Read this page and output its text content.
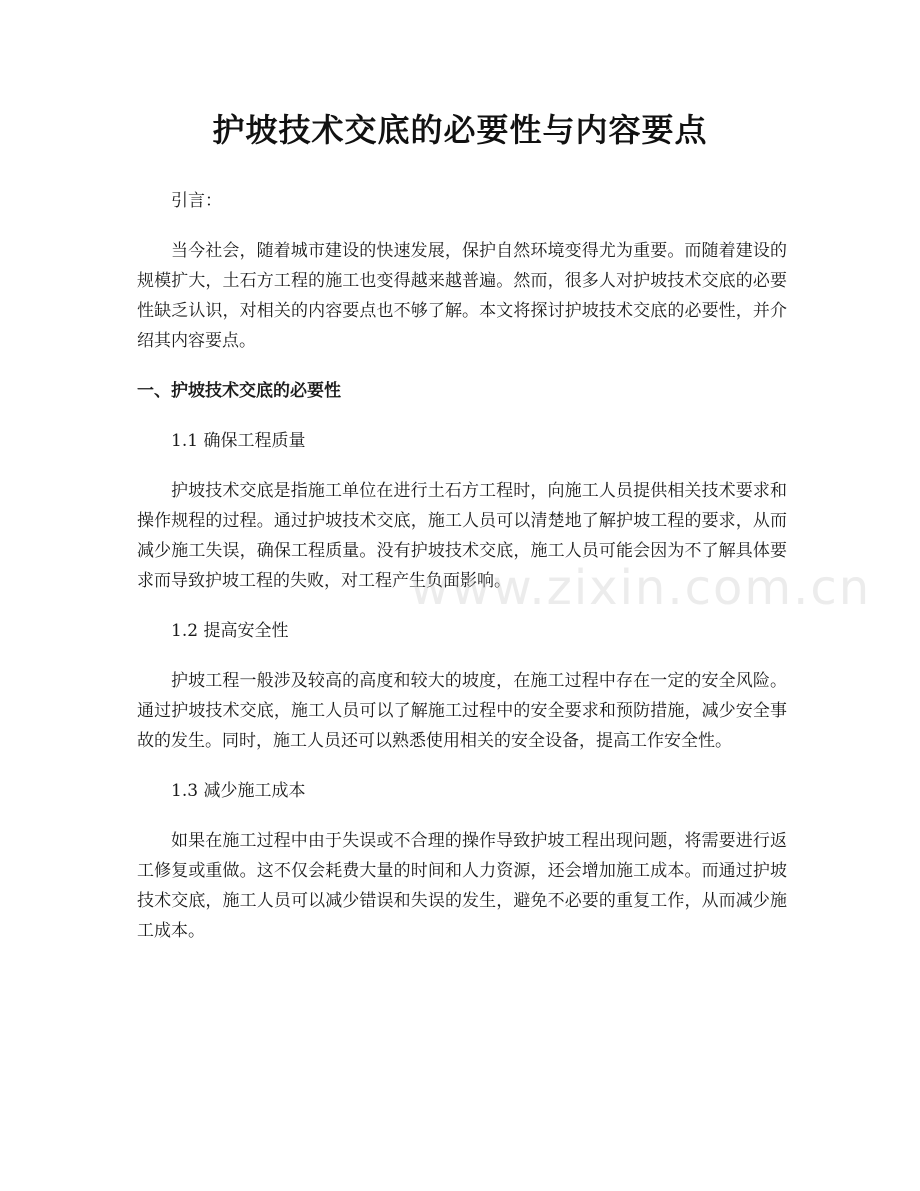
护坡技术交底的必要性与内容要点

引言：

当今社会，随着城市建设的快速发展，保护自然环境变得尤为重要。而随着建设的规模扩大，土石方工程的施工也变得越来越普遍。然而，很多人对护坡技术交底的必要性缺乏认识，对相关的内容要点也不够了解。本文将探讨护坡技术交底的必要性，并介绍其内容要点。

一、护坡技术交底的必要性

1.1 确保工程质量

护坡技术交底是指施工单位在进行土石方工程时，向施工人员提供相关技术要求和操作规程的过程。通过护坡技术交底，施工人员可以清楚地了解护坡工程的要求，从而减少施工失误，确保工程质量。没有护坡技术交底，施工人员可能会因为不了解具体要求而导致护坡工程的失败，对工程产生负面影响。

1.2 提高安全性

护坡工程一般涉及较高的高度和较大的坡度，在施工过程中存在一定的安全风险。通过护坡技术交底，施工人员可以了解施工过程中的安全要求和预防措施，减少安全事故的发生。同时，施工人员还可以熟悉使用相关的安全设备，提高工作安全性。

1.3 减少施工成本

如果在施工过程中由于失误或不合理的操作导致护坡工程出现问题，将需要进行返工修复或重做。这不仅会耗费大量的时间和人力资源，还会增加施工成本。而通过护坡技术交底，施工人员可以减少错误和失误的发生，避免不必要的重复工作，从而减少施工成本。

www.zixin.com.cn
